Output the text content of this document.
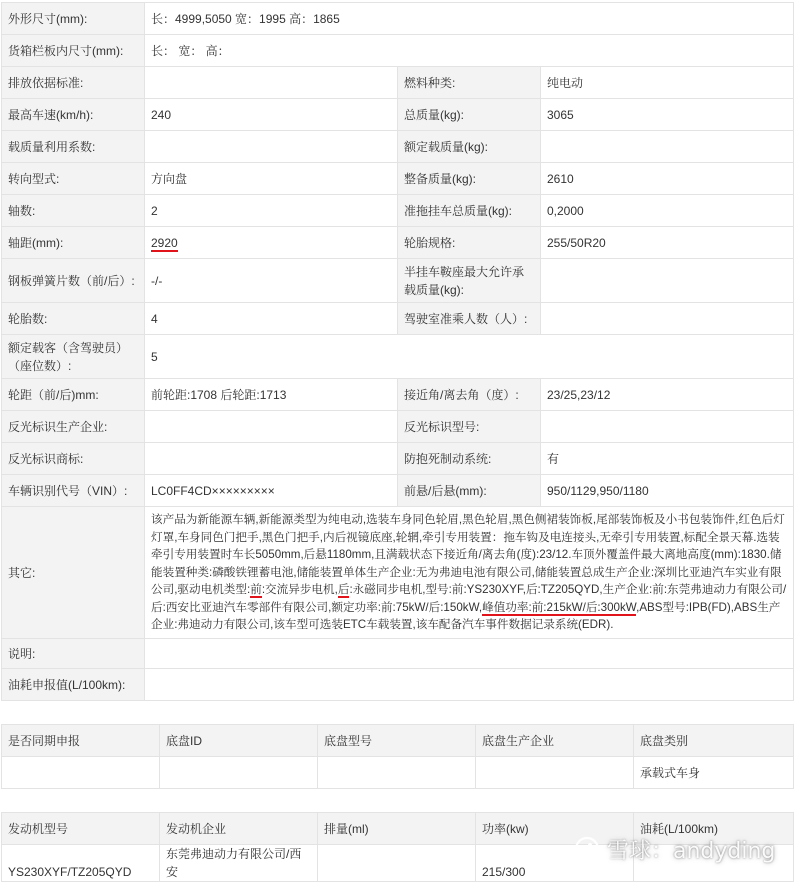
外形尺寸(mm):	长：4999,5050 宽：1995 高：1865		
货箱栏板内尺寸(mm):	长： 宽： 高：		
排放依据标准:		燃料种类:	纯电动
最高车速(km/h):	240	总质量(kg):	3065
载质量利用系数:		额定载质量(kg):	
转向型式:	方向盘	整备质量(kg):	2610
轴数:	2	准拖挂车总质量(kg):	0,2000
轴距(mm):	2920	轮胎规格:	255/50R20
钢板弹簧片数（前/后）:	-/-	半挂车鞍座最大允许承载质量(kg):	
轮胎数:	4	驾驶室准乘人数（人）:	
额定载客（含驾驶员）（座位数）:	5		
轮距（前/后)mm:	前轮距:1708 后轮距:1713	接近角/离去角（度）:	23/25,23/12
反光标识生产企业:		反光标识型号:	
反光标识商标:		防抱死制动系统:	有
车辆识别代号（VIN）:	LC0FF4CD×××××××××	前悬/后悬(mm):	950/1129,950/1180
其它:	该产品为新能源车辆,新能源类型为纯电动,选装车身同色轮眉,黑色轮眉,黑色侧裙装饰板,尾部装饰板及小书包装饰件,红色后灯灯罩,车身同色门把手,黑色门把手,内后视镜底座,轮辋,牵引专用装置：拖车钩及电连接头,无牵引专用装置,标配全景天幕.选装牵引专用装置时车长5050mm,后悬1180mm,且满载状态下接近角/离去角(度):23/12.车顶外覆盖件最大离地高度(mm):1830.储能装置种类:磷酸铁锂蓄电池,储能装置单体生产企业:无为弗迪电池有限公司,储能装置总成生产企业:深圳比亚迪汽车实业有限公司,驱动电机类型:前:交流异步电机,后:永磁同步电机,型号:前:YS230XYF,后:TZ205QYD,生产企业:前:东莞弗迪动力有限公司/后:西安比亚迪汽车零部件有限公司,额定功率:前:75kW/后:150kW,峰值功率:前:215kW/后:300kW,ABS型号:IPB(FD),ABS生产企业:弗迪动力有限公司,该车型可选装ETC车载装置,该车配备汽车事件数据记录系统(EDR).		
说明:			
油耗申报值(L/100km):			
是否同期申报	底盘ID	底盘型号	底盘生产企业	底盘类别
				承载式车身
发动机型号	发动机企业	排量(ml)	功率(kw)	油耗(L/100km)
YS230XYF/TZ205QYD	东莞弗迪动力有限公司/西安		215/300	
雪球：andyding
